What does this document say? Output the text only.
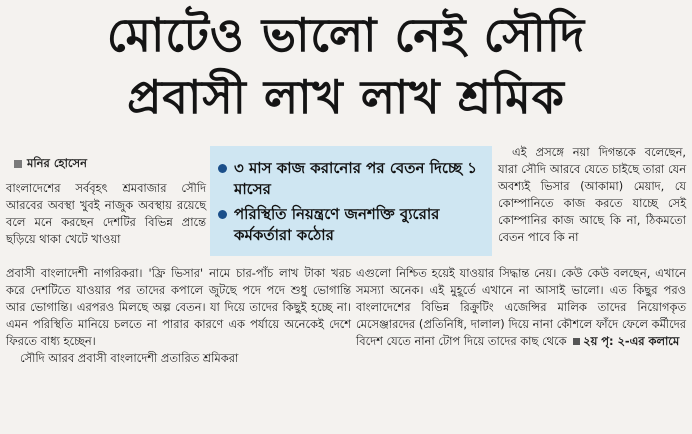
মোটেও ভালো নেই সৌদি
প্রবাসী লাখ লাখ শ্রমিক
মনির হোসেন	৩ মাস কাজ করানোর পর বেতন দিচ্ছে ১ মাসের
পরিস্থিতি নিয়ন্ত্রণে জনশক্তি ব্যুরোর কর্মকর্তারা কঠোর

বাংলাদেশের সর্ববৃহৎ শ্রমবাজার সৌদি আরবের অবস্থা খুবই নাজুক অবস্থায় রয়েছে বলে মনে করছেন দেশটির বিভিন্ন প্রান্তে ছড়িয়ে থাকা খেটে খাওয়া

প্রবাসী বাংলাদেশী নাগরিকরা। 'ফ্রি ভিসার' নামে চার-পাঁচ লাখ টাকা খরচ করে দেশটিতে যাওয়ার পর তাদের কপালে জুটছে পদে পদে শুধু ভোগান্তি আর ভোগান্তি। এরপরও মিলছে অল্প বেতন। যা দিয়ে তাদের কিছুই হচ্ছে না। এমন পরিস্থিতি মানিয়ে চলতে না পারার কারণে এক পর্যায়ে অনেকেই দেশে ফিরতে বাধ্য হচ্ছেন।

সৌদি আরব প্রবাসী বাংলাদেশী প্রতারিত শ্রমিকরা

এই প্রসঙ্গে নয়া দিগন্তকে বলেছেন, যারা সৌদি আরবে যেতে চাইছে তারা যেন অবশ্যই ভিসার (আকামা) মেয়াদ, যে কোম্পানিতে কাজ করতে যাচ্ছে সেই কোম্পানির কাজ আছে কি না, ঠিকমতো বেতন পাবে কি না

এগুলো নিশ্চিত হয়েই যাওয়ার সিদ্ধান্ত নেয়। কেউ কেউ বলছেন, এখানে সমস্যা অনেক। এই মুহূর্তে এখানে না আসাই ভালো। এত কিছুর পরও বাংলাদেশের বিভিন্ন রিক্রুটিং এজেন্সির মালিক তাদের নিয়োগকৃত মেসেঞ্জারদের (প্রতিনিধি, দালাল) দিয়ে নানা কৌশলে ফাঁদে ফেলে কর্মীদের বিদেশ যেতে নানা টোপ দিয়ে তাদের কাছ থেকে ২য় পৃ: ২-এর কলামে
